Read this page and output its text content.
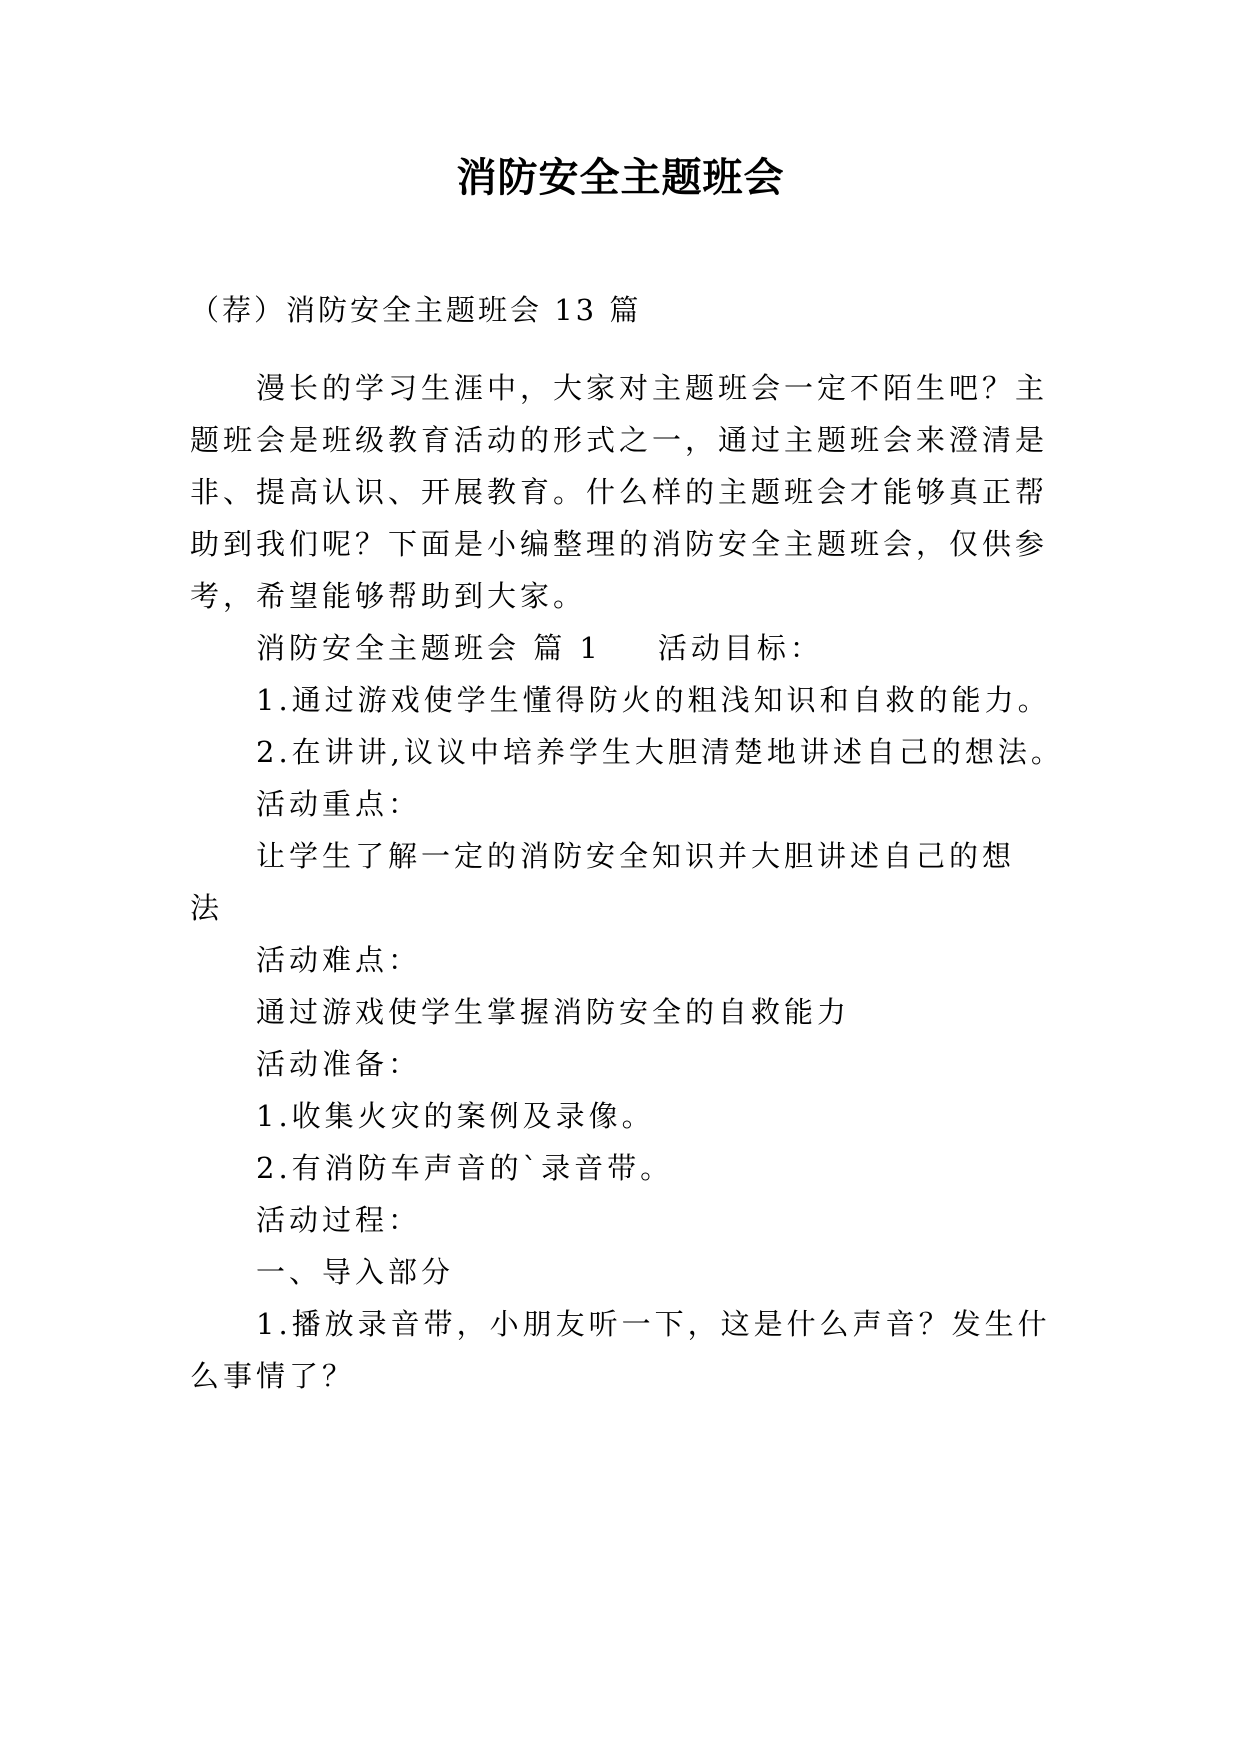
消防安全主题班会
（荐）消防安全主题班会 13 篇
漫长的学习生涯中，大家对主题班会一定不陌生吧？主
题班会是班级教育活动的形式之一，通过主题班会来澄清是
非、提高认识、开展教育。什么样的主题班会才能够真正帮
助到我们呢？下面是小编整理的消防安全主题班会，仅供参
考，希望能够帮助到大家。
消防安全主题班会 篇 1 活动目标：
1.通过游戏使学生懂得防火的粗浅知识和自救的能力。
2.在讲讲,议议中培养学生大胆清楚地讲述自己的想法。
活动重点：
让学生了解一定的消防安全知识并大胆讲述自己的想
法
活动难点：
通过游戏使学生掌握消防安全的自救能力
活动准备：
1.收集火灾的案例及录像。
2.有消防车声音的`录音带。
活动过程：
一、导入部分
1.播放录音带，小朋友听一下，这是什么声音？发生什
么事情了？
